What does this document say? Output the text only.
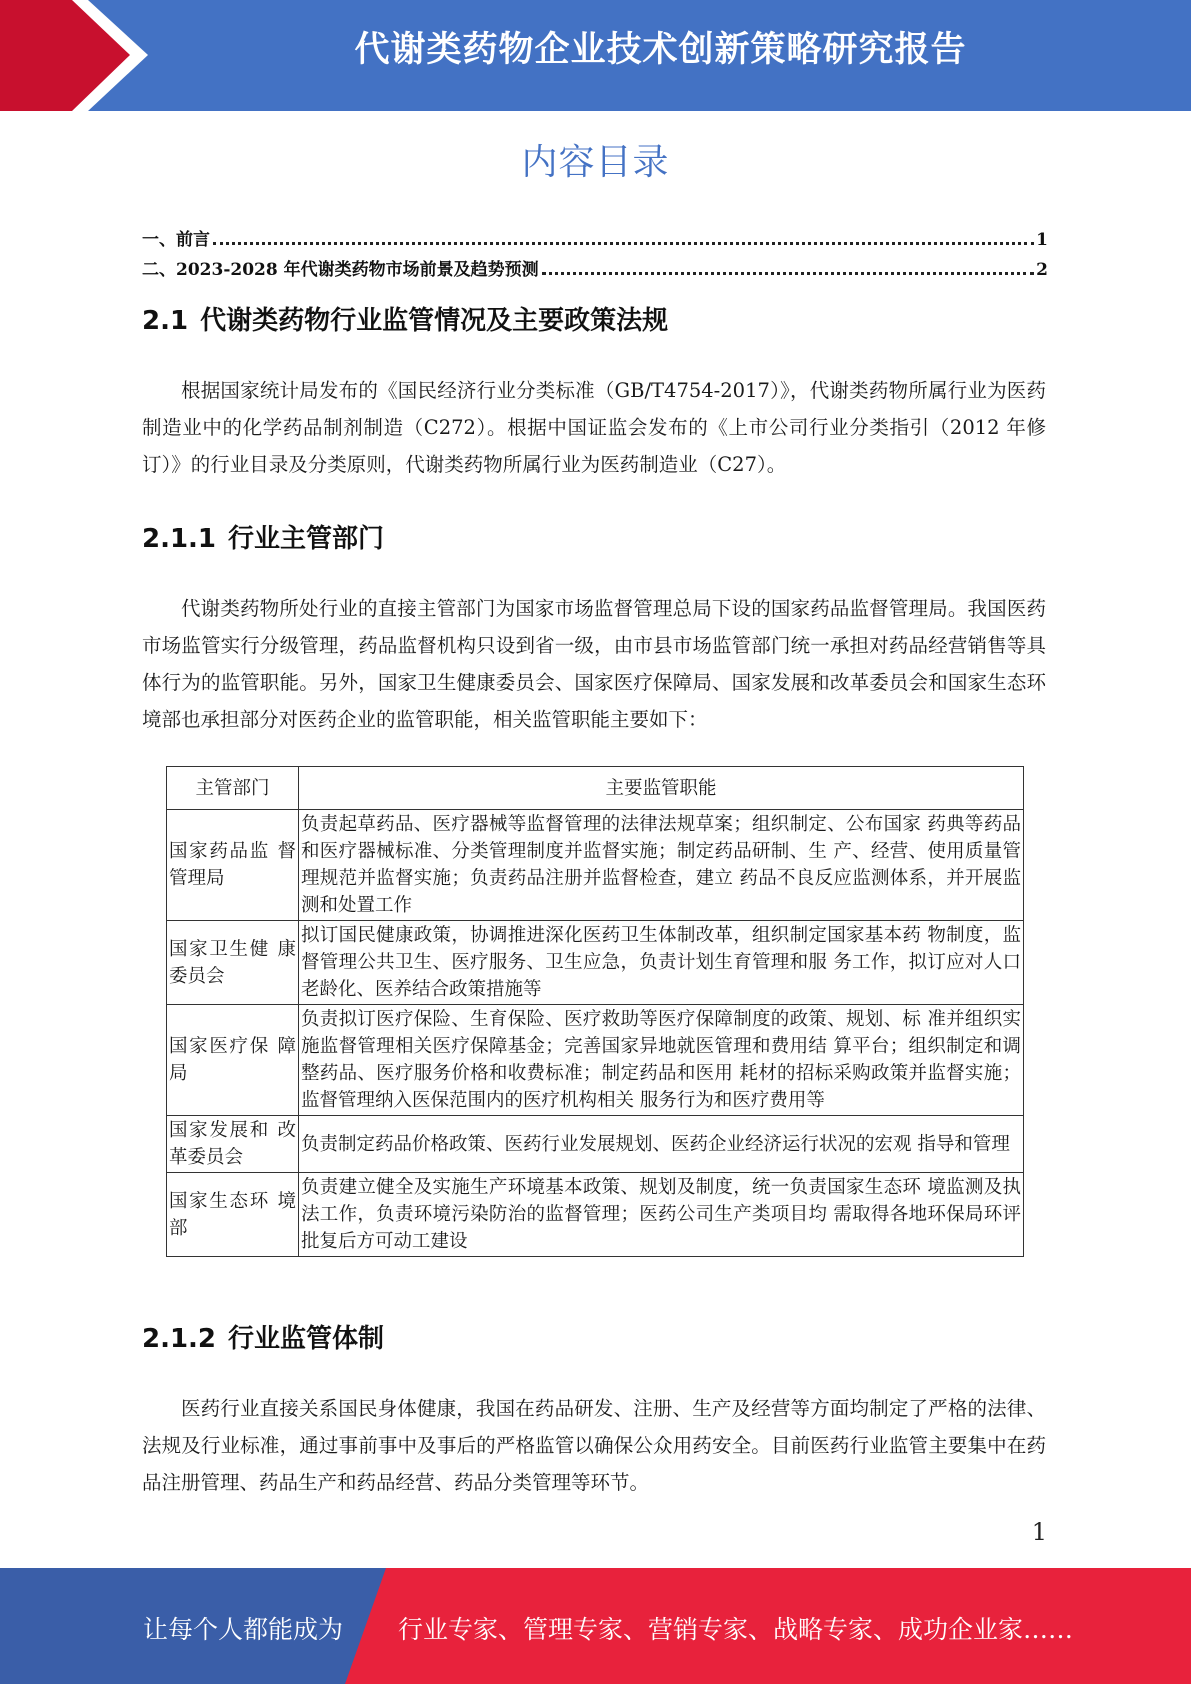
代谢类药物企业技术创新策略研究报告
内容目录
一、前言	1
二、2023-2028 年代谢类药物市场前景及趋势预测	2
2.1 代谢类药物行业监管情况及主要政策法规
根据国家统计局发布的《国民经济行业分类标准（GB/T4754-2017）》，代谢类药物所属行业为医药制造业中的化学药品制剂制造（C272）。根据中国证监会发布的《上市公司行业分类指引（2012 年修订）》的行业目录及分类原则，代谢类药物所属行业为医药制造业（C27）。
2.1.1 行业主管部门
代谢类药物所处行业的直接主管部门为国家市场监督管理总局下设的国家药品监督管理局。我国医药市场监管实行分级管理，药品监督机构只设到省一级，由市县市场监管部门统一承担对药品经营销售等具体行为的监管职能。另外，国家卫生健康委员会、国家医疗保障局、国家发展和改革委员会和国家生态环境部也承担部分对医药企业的监管职能，相关监管职能主要如下：
主管部门	主要监管职能
国家药品监 督管理局	负责起草药品、医疗器械等监督管理的法律法规草案；组织制定、公布国家 药典等药品和医疗器械标准、分类管理制度并监督实施；制定药品研制、生 产、经营、使用质量管理规范并监督实施；负责药品注册并监督检查，建立 药品不良反应监测体系，并开展监测和处置工作
国家卫生健 康委员会	拟订国民健康政策，协调推进深化医药卫生体制改革，组织制定国家基本药 物制度，监督管理公共卫生、医疗服务、卫生应急，负责计划生育管理和服 务工作，拟订应对人口老龄化、医养结合政策措施等
国家医疗保 障局	负责拟订医疗保险、生育保险、医疗救助等医疗保障制度的政策、规划、标 准并组织实施监督管理相关医疗保障基金；完善国家异地就医管理和费用结 算平台；组织制定和调整药品、医疗服务价格和收费标准；制定药品和医用 耗材的招标采购政策并监督实施；监督管理纳入医保范围内的医疗机构相关 服务行为和医疗费用等
国家发展和 改革委员会	负责制定药品价格政策、医药行业发展规划、医药企业经济运行状况的宏观 指导和管理
国家生态环 境部	负责建立健全及实施生产环境基本政策、规划及制度，统一负责国家生态环 境监测及执法工作，负责环境污染防治的监督管理；医药公司生产类项目均 需取得各地环保局环评批复后方可动工建设
2.1.2 行业监管体制
医药行业直接关系国民身体健康，我国在药品研发、注册、生产及经营等方面均制定了严格的法律、法规及行业标准，通过事前事中及事后的严格监管以确保公众用药安全。目前医药行业监管主要集中在药品注册管理、药品生产和药品经营、药品分类管理等环节。
1
让每个人都能成为 行业专家、管理专家、营销专家、战略专家、成功企业家……
